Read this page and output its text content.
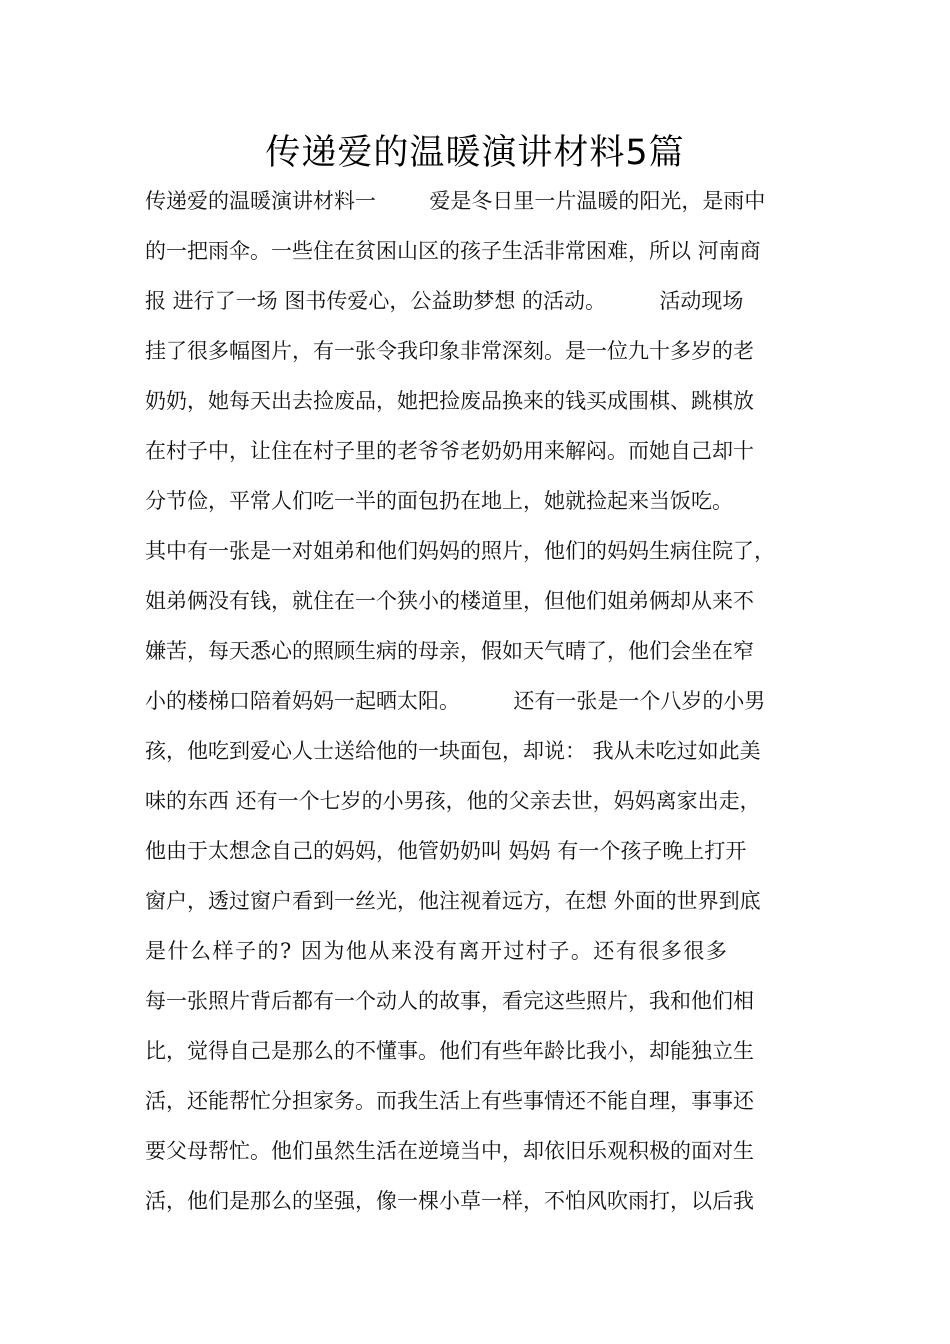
传递爱的温暖演讲材料5篇
传递爱的温暖演讲材料一        爱是冬日里一片温暖的阳光，是雨中
的一把雨伞。一些住在贫困山区的孩子生活非常困难，所以 河南商
报 进行了一场 图书传爱心，公益助梦想 的活动。        活动现场
挂了很多幅图片，有一张令我印象非常深刻。是一位九十多岁的老
奶奶，她每天出去捡废品，她把捡废品换来的钱买成围棋、跳棋放
在村子中，让住在村子里的老爷爷老奶奶用来解闷。而她自己却十
分节俭，平常人们吃一半的面包扔在地上，她就捡起来当饭吃。
其中有一张是一对姐弟和他们妈妈的照片，他们的妈妈生病住院了，
姐弟俩没有钱，就住在一个狭小的楼道里，但他们姐弟俩却从来不
嫌苦，每天悉心的照顾生病的母亲，假如天气晴了，他们会坐在窄
小的楼梯口陪着妈妈一起晒太阳。        还有一张是一个八岁的小男
孩，他吃到爱心人士送给他的一块面包，却说： 我从未吃过如此美
味的东西 还有一个七岁的小男孩，他的父亲去世，妈妈离家出走，
他由于太想念自己的妈妈，他管奶奶叫 妈妈 有一个孩子晚上打开
窗户，透过窗户看到一丝光，他注视着远方，在想 外面的世界到底
是什么样子的? 因为他从来没有离开过村子。还有很多很多
每一张照片背后都有一个动人的故事，看完这些照片，我和他们相
比，觉得自己是那么的不懂事。他们有些年龄比我小，却能独立生
活，还能帮忙分担家务。而我生活上有些事情还不能自理，事事还
要父母帮忙。他们虽然生活在逆境当中，却依旧乐观积极的面对生
活，他们是那么的坚强，像一棵小草一样，不怕风吹雨打，以后我
